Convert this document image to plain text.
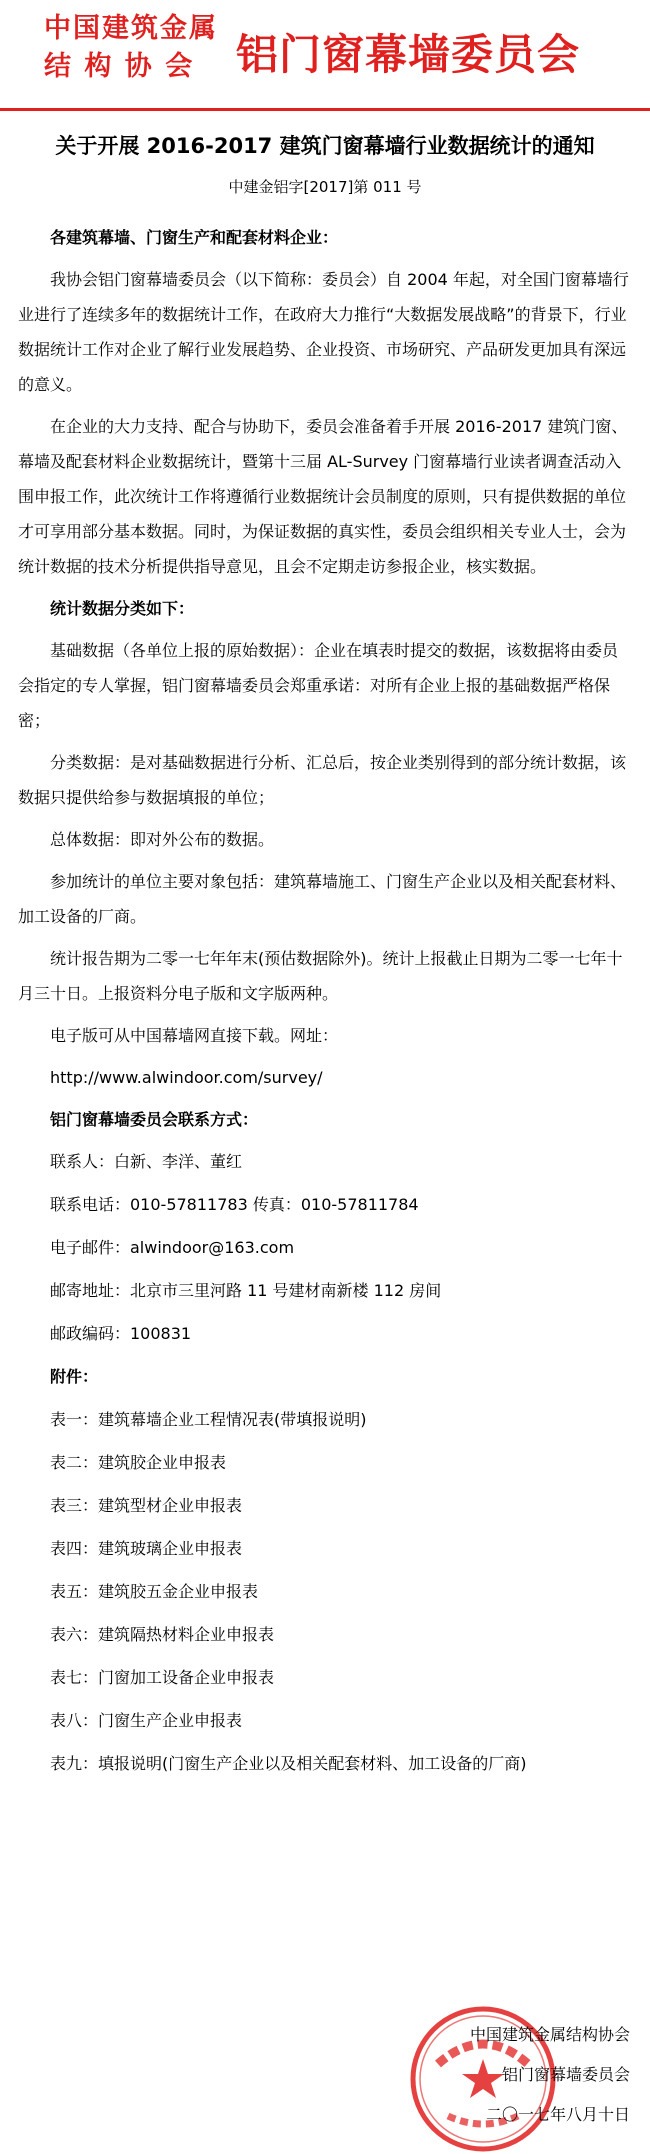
中国建筑金属
结 构 协 会 铝门窗幕墙委员会
关于开展 2016-2017 建筑门窗幕墙行业数据统计的通知
中建金铝字[2017]第 011 号

各建筑幕墙、门窗生产和配套材料企业：

我协会铝门窗幕墙委员会（以下简称：委员会）自 2004 年起，对全国门窗幕墙行业进行了连续多年的数据统计工作，在政府大力推行“大数据发展战略”的背景下，行业数据统计工作对企业了解行业发展趋势、企业投资、市场研究、产品研发更加具有深远的意义。

在企业的大力支持、配合与协助下，委员会准备着手开展 2016-2017 建筑门窗、幕墙及配套材料企业数据统计，暨第十三届 AL-Survey 门窗幕墙行业读者调查活动入围申报工作，此次统计工作将遵循行业数据统计会员制度的原则，只有提供数据的单位才可享用部分基本数据。同时，为保证数据的真实性，委员会组织相关专业人士，会为统计数据的技术分析提供指导意见，且会不定期走访参报企业，核实数据。

统计数据分类如下：

基础数据（各单位上报的原始数据）：企业在填表时提交的数据，该数据将由委员会指定的专人掌握，铝门窗幕墙委员会郑重承诺：对所有企业上报的基础数据严格保密；

分类数据：是对基础数据进行分析、汇总后，按企业类别得到的部分统计数据，该数据只提供给参与数据填报的单位；

总体数据：即对外公布的数据。

参加统计的单位主要对象包括：建筑幕墙施工、门窗生产企业以及相关配套材料、加工设备的厂商。

统计报告期为二零一七年年末(预估数据除外)。统计上报截止日期为二零一七年十月三十日。上报资料分电子版和文字版两种。

电子版可从中国幕墙网直接下载。网址：

http://www.alwindoor.com/survey/

铝门窗幕墙委员会联系方式：

联系人：白新、李洋、董红
联系电话：010-57811783 传真：010-57811784
电子邮件：alwindoor@163.com
邮寄地址：北京市三里河路 11 号建材南新楼 112 房间
邮政编码：100831
附件：
表一：建筑幕墙企业工程情况表(带填报说明)
表二：建筑胶企业申报表
表三：建筑型材企业申报表
表四：建筑玻璃企业申报表
表五：建筑胶五金企业申报表
表六：建筑隔热材料企业申报表
表七：门窗加工设备企业申报表
表八：门窗生产企业申报表
表九：填报说明(门窗生产企业以及相关配套材料、加工设备的厂商)
中国建筑金属结构协会
铝门窗幕墙委员会
二〇一七年八月十日
